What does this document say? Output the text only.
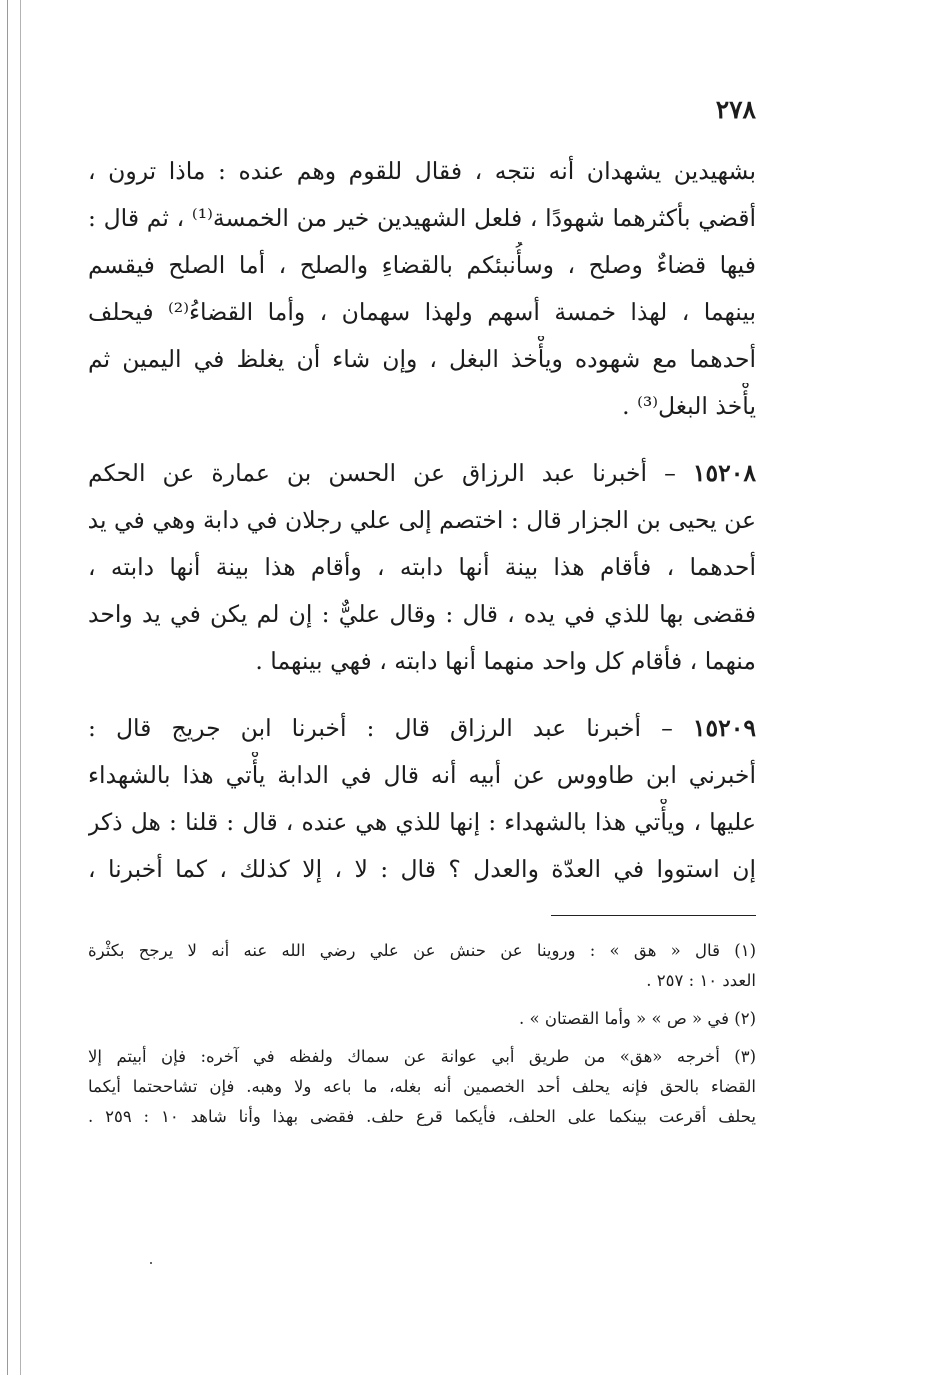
٢٧٨

بشهيدين يشهدان أنه نتجه ، فقال للقوم وهم عنده : ماذا ترون ،
أقضي بأكثرهما شهودًا ، فلعل الشهيدين خير من الخمسة⁽¹⁾ ، ثم قال :
فيها قضاءٌ وصلح ، وسأُنبئكم بالقضاءِ والصلح ، أما الصلح فيقسم
بينهما ، لهذا خمسة أسهم ولهذا سهمان ، وأما القضاءُ⁽²⁾ فيحلف
أحدهما مع شهوده ويأْخذ البغل ، وإن شاء أن يغلظ في اليمين ثم
يأْخذ البغل⁽³⁾ .

١٥٢٠٨ – أخبرنا عبد الرزاق عن الحسن بن عمارة عن الحكم
عن يحيى بن الجزار قال : اختصم إلى علي رجلان في دابة وهي في يد
أحدهما ، فأقام هذا بينة أنها دابته ، وأقام هذا بينة أنها دابته ،
فقضى بها للذي في يده ، قال : وقال عليٌّ : إن لم يكن في يد واحد
منهما ، فأقام كل واحد منهما أنها دابته ، فهي بينهما .

١٥٢٠٩ – أخبرنا عبد الرزاق قال : أخبرنا ابن جريج قال :
أخبرني ابن طاووس عن أبيه أنه قال في الدابة يأْتي هذا بالشهداء
عليها ، ويأْتي هذا بالشهداء : إنها للذي هي عنده ، قال : قلنا : هل ذكر
إن استووا في العدّة والعدل ؟ قال : لا ، إلا كذلك ، كما أخبرنا ،

(١) قال « هق » : وروينا عن حنش عن علي رضي الله عنه أنه لا يرجح بكثْرة
العدد ١٠ : ٢٥٧ .
(٢) في « ص » « وأما القصتان » .
(٣) أخرجه «هق» من طريق أبي عوانة عن سماك ولفظه في آخره: فإن أبيتم إلا
القضاء بالحق فإنه يحلف أحد الخصمين أنه بغله، ما باعه ولا وهبه. فإن تشاححتما أيكما
يحلف أقرعت بينكما على الحلف، فأيكما قرع حلف. فقضى بهذا وأنا شاهد ١٠ : ٢٥٩ .
